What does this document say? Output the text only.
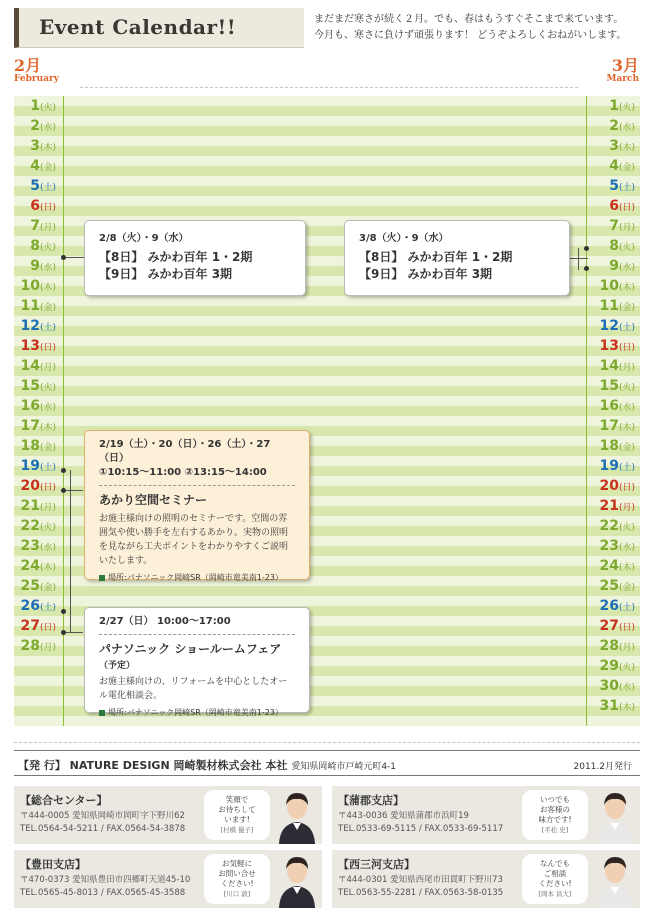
Event Calendar!!	まだまだ寒さが続く２月。でも、春はもうすぐそこまで来ています。
今月も、寒さに負けず頑張ります！ どうぞよろしくおねがいします。
2月
February
3月
March
1(火)
2(水)
3(木)
4(金)
5(土)
6(日)
7(月)
8(火)
9(水)
10(木)
11(金)
12(土)
13(日)
14(月)
15(火)
16(水)
17(木)
18(金)
19(土)
20(日)
21(月)
22(火)
23(水)
24(木)
25(金)
26(土)
27(日)
28(月)
1(火)
2(水)
3(木)
4(金)
5(土)
6(日)
7(月)
8(火)
9(水)
10(木)
11(金)
12(土)
13(日)
14(月)
15(火)
16(水)
17(木)
18(金)
19(土)
20(日)
21(月)
22(火)
23(水)
24(木)
25(金)
26(土)
27(日)
28(月)
29(火)
30(水)
31(木)
2/8（火）・9（水）
【8日】 みかわ百年 1・2期
【9日】 みかわ百年 3期
3/8（火）・9（水）
【8日】 みかわ百年 1・2期
【9日】 みかわ百年 3期
2/19（土）・20（日）・26（土）・27（日）
①10:15～11:00 ②13:15～14:00
あかり空間セミナー
お施主様向けの照明のセミナーです。空間の雰囲気や使い勝手を左右するあかり。実物の照明を見ながら工夫ポイントをわかりやすくご説明いたします。
場所:パナソニック岡崎SR（岡崎市竜美南1-23）
2/27（日） 10:00～17:00
パナソニック ショールームフェア（予定）
お施主様向けの、リフォームを中心としたオール電化相談会。
場所:パナソニック岡崎SR（岡崎市竜美南1-23）
【発 行】 NATURE DESIGN 岡崎製材株式会社 本社 愛知県岡崎市戸崎元町4-1	2011.2月発行
【総合センター】
〒444-0005 愛知県岡崎市岡町字下野川62
TEL.0564-54-5211 / FAX.0564-54-3878
笑顔で
お待ちして
います!
[村橋 優子]
【蒲郡支店】
〒443-0036 愛知県蒲郡市浜町19
TEL.0533-69-5115 / FAX.0533-69-5117
いつでも
お客様の
味方です!
[平松 史]
【豊田支店】
〒470-0373 愛知県豊田市四郷町天道45-10
TEL.0565-45-8013 / FAX.0565-45-3588
お気軽に
お問い合せ
ください!
[川口 敦]
【西三河支店】
〒444-0301 愛知県西尾市田貫町下野川73
TEL.0563-55-2281 / FAX.0563-58-0135
なんでも
ご相談
ください!
[岡本 昌大]
